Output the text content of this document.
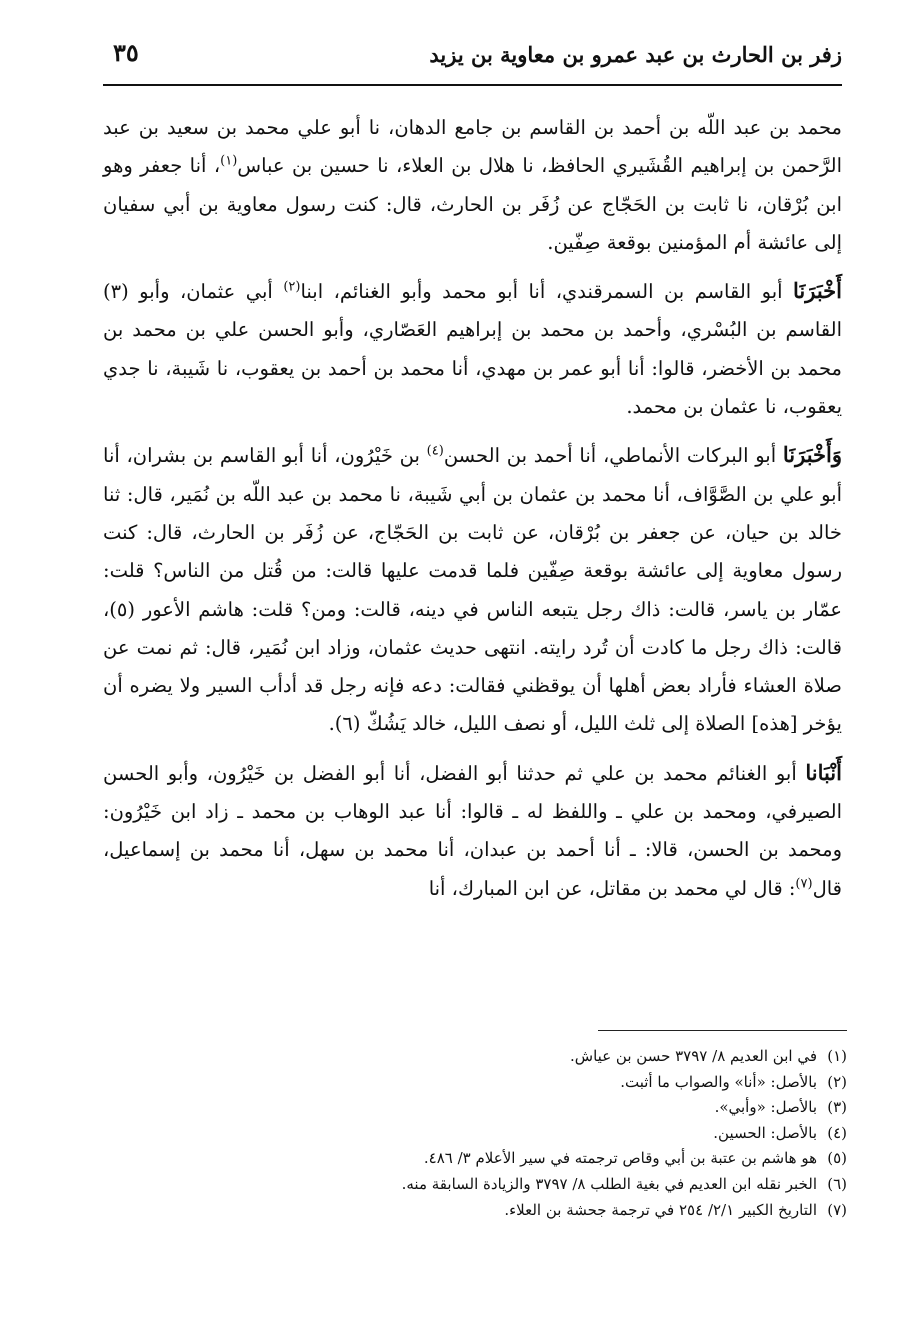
زفر بن الحارث بن عبد عمرو بن معاوية بن يزيد
٣٥

محمد بن عبد اللّه بن أحمد بن القاسم بن جامع الدهان، نا أبو علي محمد بن سعيد بن عبد الرَّحمن بن إبراهيم القُشَيري الحافظ، نا هلال بن العلاء، نا حسين بن عباس$^{(١)}$، أنا جعفر وهو ابن بُرْقان، نا ثابت بن الحَجّاج عن زُفَر بن الحارث، قال: كنت رسول معاوية بن أبي سفيان إلى عائشة أم المؤمنين بوقعة صِفّين.

أَخْبَرَنَا أبو القاسم بن السمرقندي، أنا أبو محمد وأبو الغنائم، ابنا$^{(٢)}$ أبي عثمان، وأبو (٣) القاسم بن البُسْري، وأحمد بن محمد بن إبراهيم العَصّاري، وأبو الحسن علي بن محمد بن محمد بن الأخضر، قالوا: أنا أبو عمر بن مهدي، أنا محمد بن أحمد بن يعقوب، نا شَيبة، نا جدي يعقوب، نا عثمان بن محمد.

وَأَخْبَرَنَا أبو البركات الأنماطي، أنا أحمد بن الحسن$^{(٤)}$ بن خَيْرُون، أنا أبو القاسم بن بشران، أنا أبو علي بن الصَّوَّاف، أنا محمد بن عثمان بن أبي شَيبة، نا محمد بن عبد اللّه بن نُمَير، قال: ثنا خالد بن حيان، عن جعفر بن بُرْقان، عن ثابت بن الحَجّاج، عن زُفَر بن الحارث، قال: كنت رسول معاوية إلى عائشة بوقعة صِفّين فلما قدمت عليها قالت: من قُتل من الناس؟ قلت: عمّار بن ياسر، قالت: ذاك رجل يتبعه الناس في دينه، قالت: ومن؟ قلت: هاشم الأعور (٥)، قالت: ذاك رجل ما كادت أن تُرد رايته. انتهى حديث عثمان، وزاد ابن نُمَير، قال: ثم نمت عن صلاة العشاء فأراد بعض أهلها أن يوقظني فقالت: دعه فإنه رجل قد أدأب السير ولا يضره أن يؤخر [هذه] الصلاة إلى ثلث الليل، أو نصف الليل، خالد يَشُكّ (٦).

أَنْبَانا أبو الغنائم محمد بن علي ثم حدثنا أبو الفضل، أنا أبو الفضل بن خَيْرُون، وأبو الحسن الصيرفي، ومحمد بن علي ـ واللفظ له ـ قالوا: أنا عبد الوهاب بن محمد ـ زاد ابن خَيْرُون: ومحمد بن الحسن، قالا: ـ أنا أحمد بن عبدان، أنا محمد بن سهل، أنا محمد بن إسماعيل، قال$^{(٧)}$: قال لي محمد بن مقاتل، عن ابن المبارك، أنا

(١)في ابن العديم ٨/ ٣٧٩٧ حسن بن عياش.
(٢)بالأصل: «أنا» والصواب ما أثبت.
(٣)بالأصل: «وأبي».
(٤)بالأصل: الحسين.
(٥)هو هاشم بن عتبة بن أبي وقاص ترجمته في سير الأعلام ٣/ ٤٨٦.
(٦)الخبر نقله ابن العديم في بغية الطلب ٨/ ٣٧٩٧ والزيادة السابقة منه.
(٧)التاريخ الكبير ٢/١/ ٢٥٤ في ترجمة جحشة بن العلاء.
